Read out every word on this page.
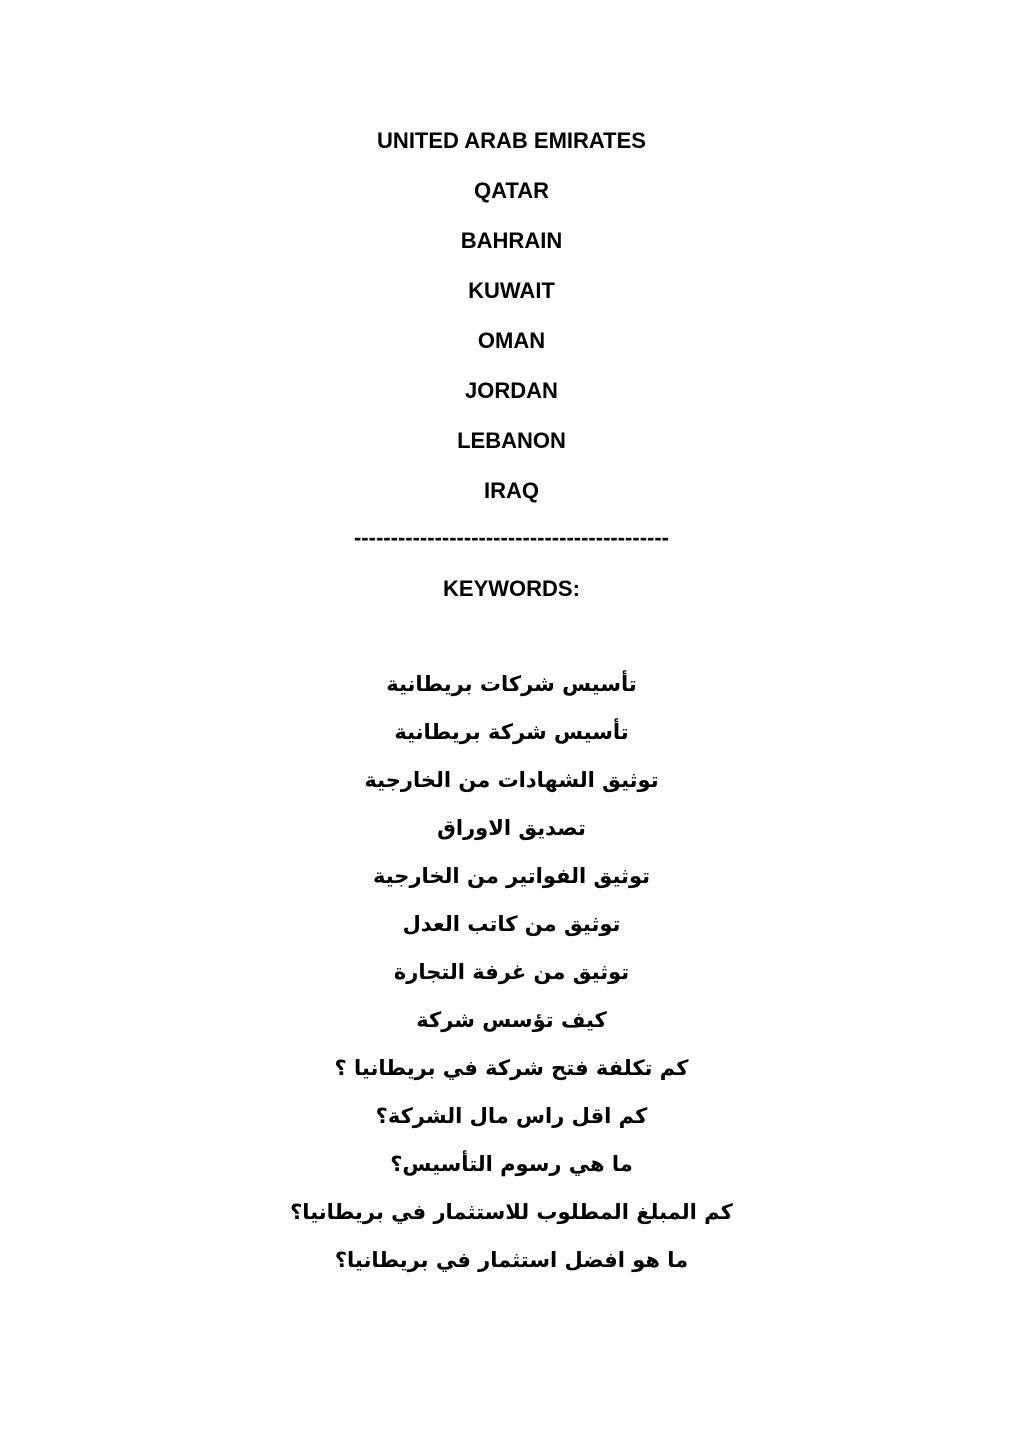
UNITED ARAB EMIRATES
QATAR
BAHRAIN
KUWAIT
OMAN
JORDAN
LEBANON
IRAQ
-------------------------------------------
KEYWORDS:
تأسيس شركات بريطانية
تأسيس شركة بريطانية
توثيق الشهادات من الخارجية
تصديق الاوراق
توثيق الفواتير من الخارجية
توثيق من كاتب العدل
توثيق من غرفة التجارة
كيف تؤسس شركة
كم تكلفة فتح شركة في بريطانيا ؟
كم اقل راس مال الشركة؟
ما هي رسوم التأسيس؟
كم المبلغ المطلوب للاستثمار في بريطانيا؟
ما هو افضل استثمار في بريطانيا؟
